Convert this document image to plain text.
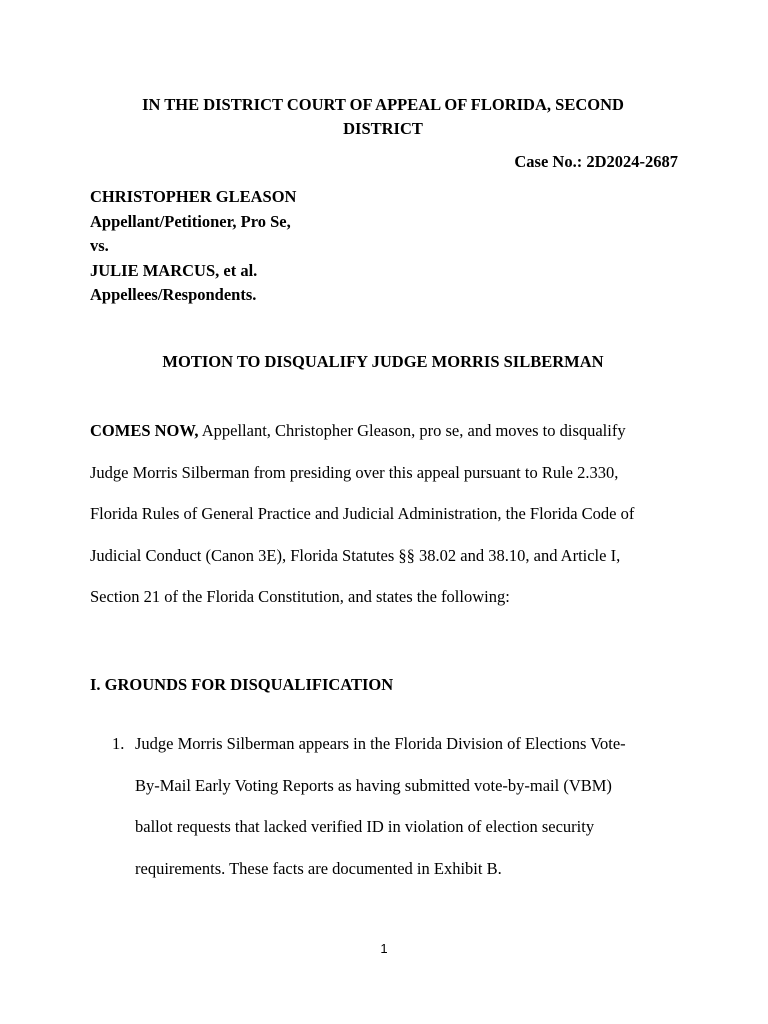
IN THE DISTRICT COURT OF APPEAL OF FLORIDA, SECOND
DISTRICT
Case No.: 2D2024-2687
CHRISTOPHER GLEASON
Appellant/Petitioner, Pro Se,
vs.
JULIE MARCUS, et al.
Appellees/Respondents.
MOTION TO DISQUALIFY JUDGE MORRIS SILBERMAN
COMES NOW, Appellant, Christopher Gleason, pro se, and moves to disqualify
Judge Morris Silberman from presiding over this appeal pursuant to Rule 2.330,
Florida Rules of General Practice and Judicial Administration, the Florida Code of
Judicial Conduct (Canon 3E), Florida Statutes §§ 38.02 and 38.10, and Article I,
Section 21 of the Florida Constitution, and states the following:
I. GROUNDS FOR DISQUALIFICATION
1. Judge Morris Silberman appears in the Florida Division of Elections Vote-
By-Mail Early Voting Reports as having submitted vote-by-mail (VBM)
ballot requests that lacked verified ID in violation of election security
requirements. These facts are documented in Exhibit B.
1
